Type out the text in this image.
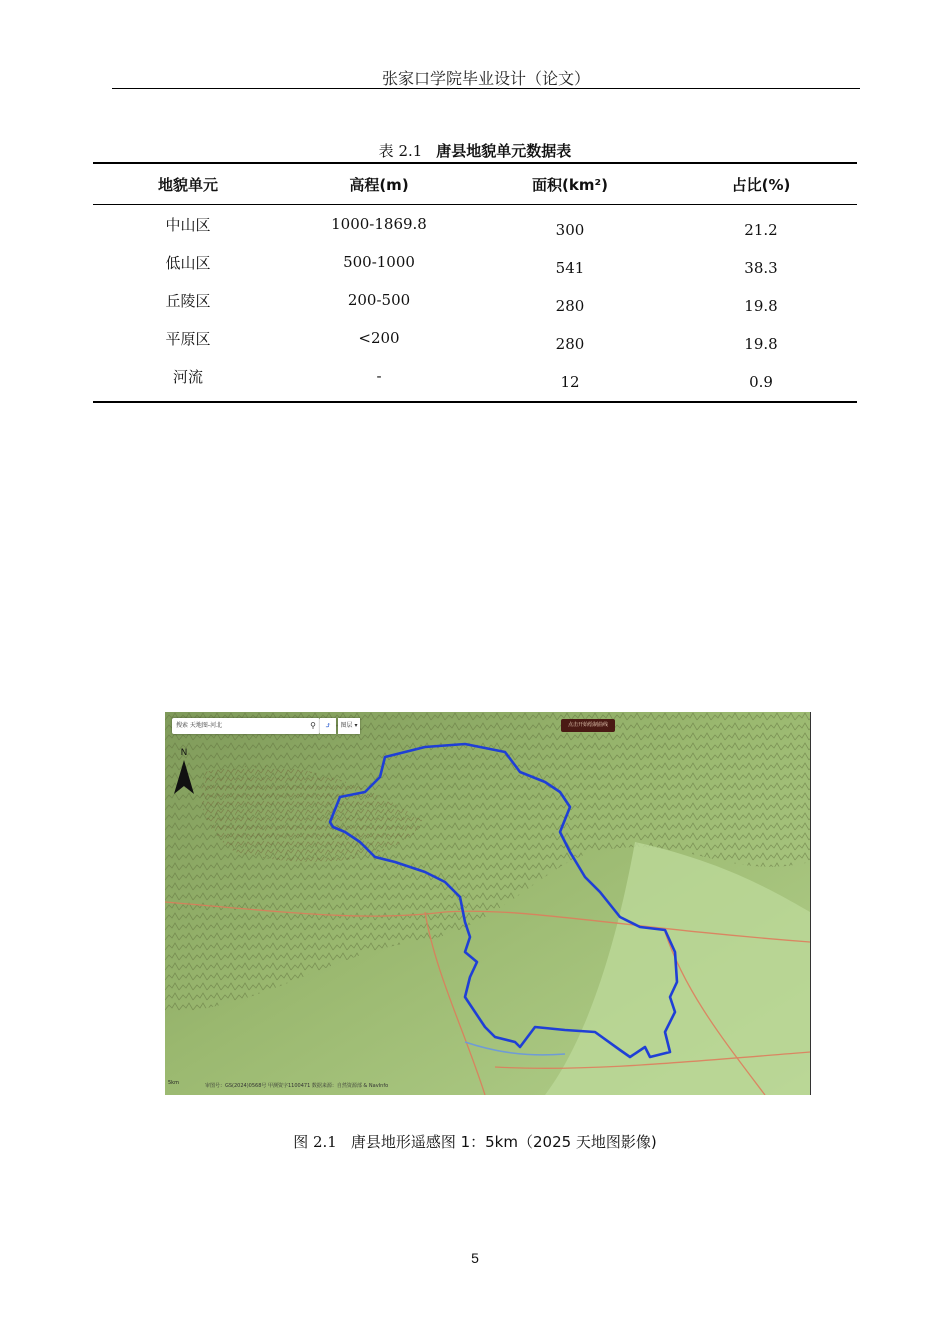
张家口学院毕业设计（论文）
表 2.1 唐县地貌单元数据表
地貌单元	高程(m)	面积(km²)	占比(%)
中山区	1000-1869.8	300	21.2
低山区	500-1000	541	38.3
丘陵区	200-500	280	19.8
平原区	<200	280	19.8
河流	-	12	0.9
搜索 天地图-河北	⚲	⤴	图层 ▾	点击开始绘制曲线
N
5km	审图号：GS(2024)0568号 甲测资字1100471 数据来源：自然资源部 & NavInfo
图 2.1 唐县地形遥感图 1：5km（2025 天地图影像)
5
